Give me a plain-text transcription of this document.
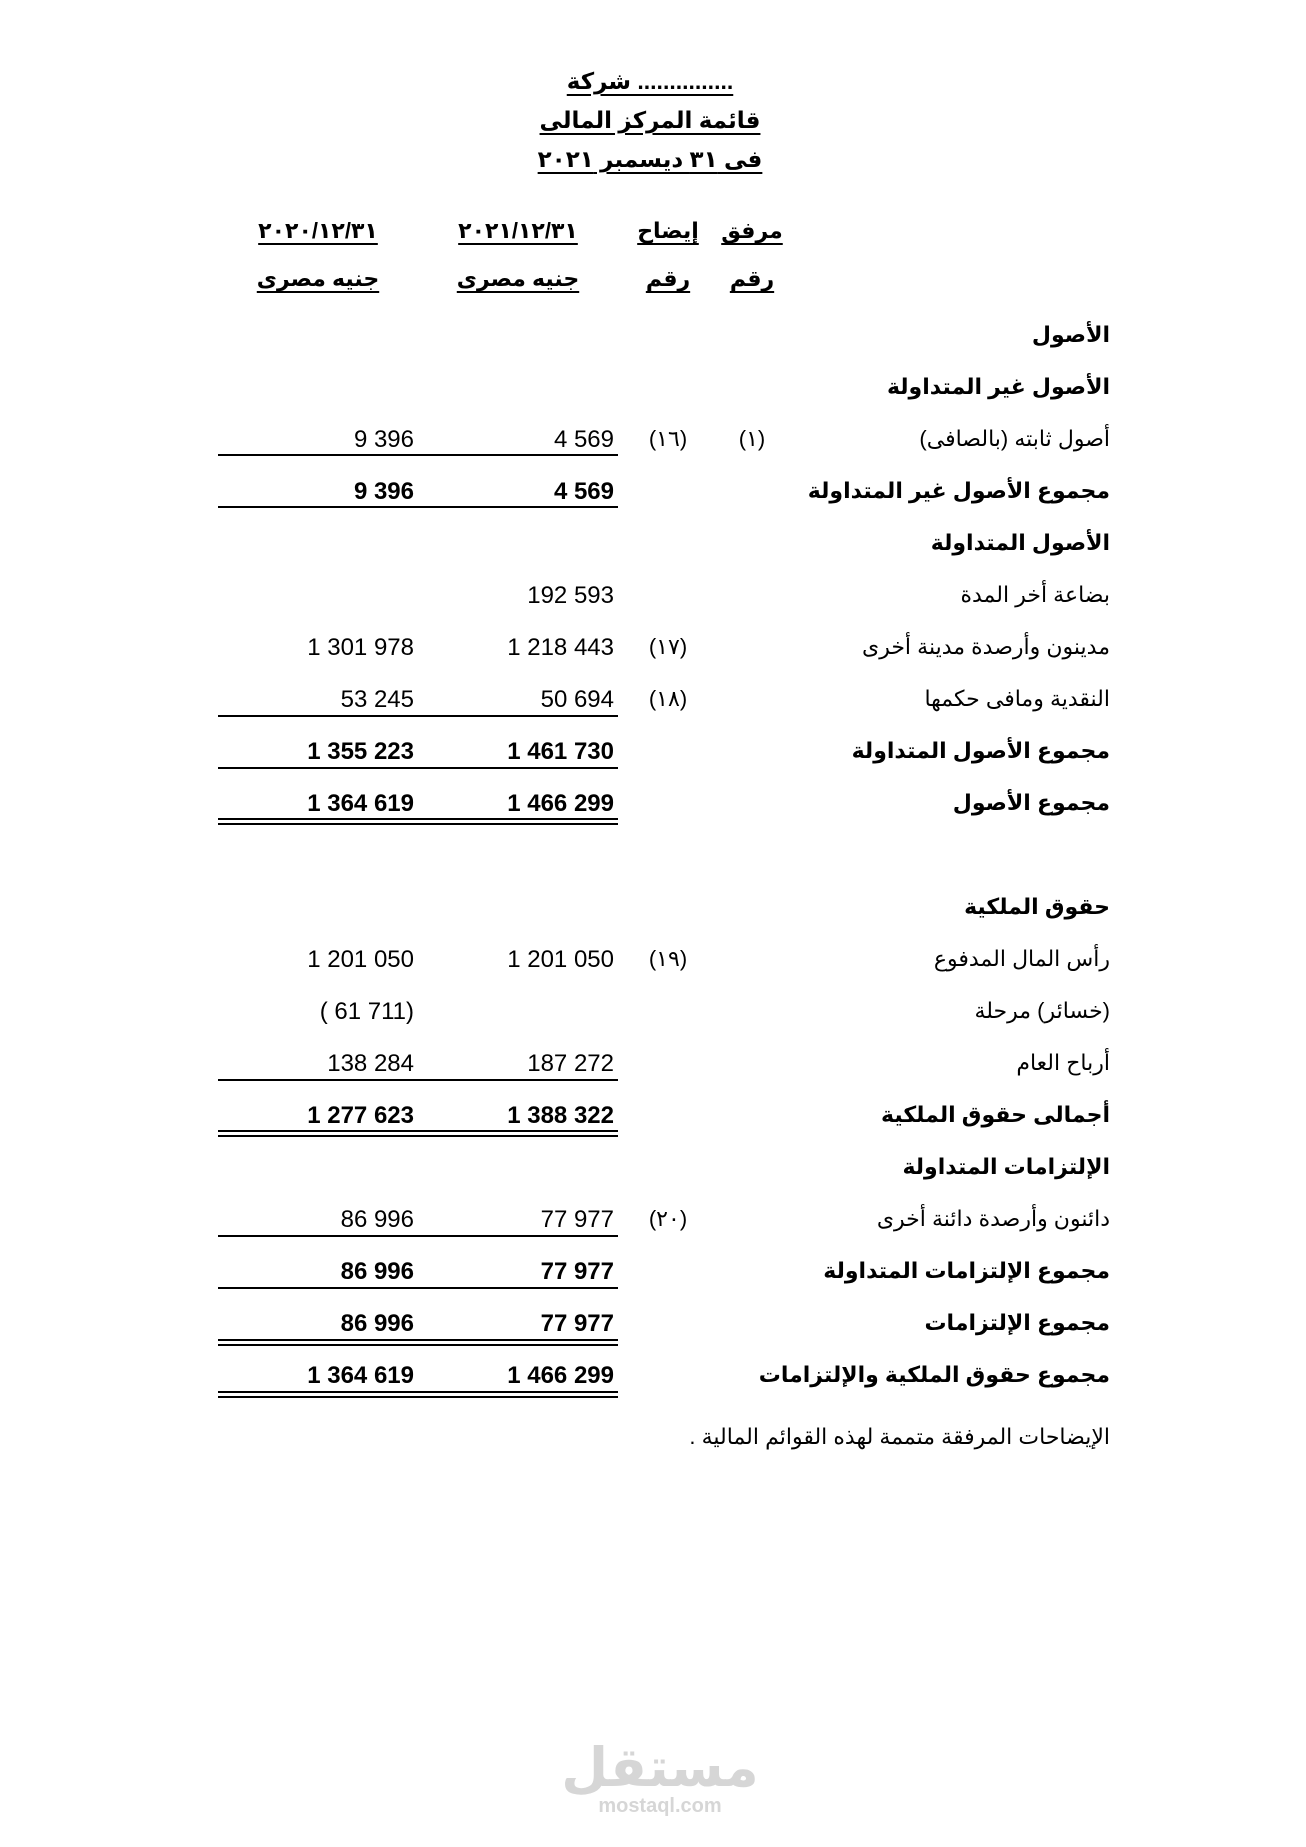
شركة ...............
قائمة المركز المالى
فى ٣١ ديسمبر ٢٠٢١
مرفق
رقم
إيضاح
رقم
٢٠٢١/١٢/٣١
جنيه مصرى
٢٠٢٠/١٢/٣١
جنيه مصرى
الأصول
الأصول غير المتداولة
أصول ثابته (بالصافى)
(١)
(١٦)
4 569
9 396
مجموع الأصول غير المتداولة
4 569
9 396
الأصول المتداولة
بضاعة أخر المدة
192 593
مدينون وأرصدة مدينة أخرى
(١٧)
1 218 443
1 301 978
النقدية ومافى حكمها
(١٨)
50 694
53 245
مجموع الأصول المتداولة
1 461 730
1 355 223
مجموع الأصول
1 466 299
1 364 619
حقوق الملكية
رأس المال المدفوع
(١٩)
1 201 050
1 201 050
(خسائر) مرحلة
( 61 711)
أرباح العام
187 272
138 284
أجمالى حقوق الملكية
1 388 322
1 277 623
الإلتزامات المتداولة
دائنون وأرصدة دائنة أخرى
(٢٠)
77 977
86 996
مجموع الإلتزامات المتداولة
77 977
86 996
مجموع الإلتزامات
77 977
86 996
مجموع حقوق الملكية والإلتزامات
1 466 299
1 364 619
الإيضاحات المرفقة متممة لهذه القوائم المالية .
مستقل
mostaql.com
